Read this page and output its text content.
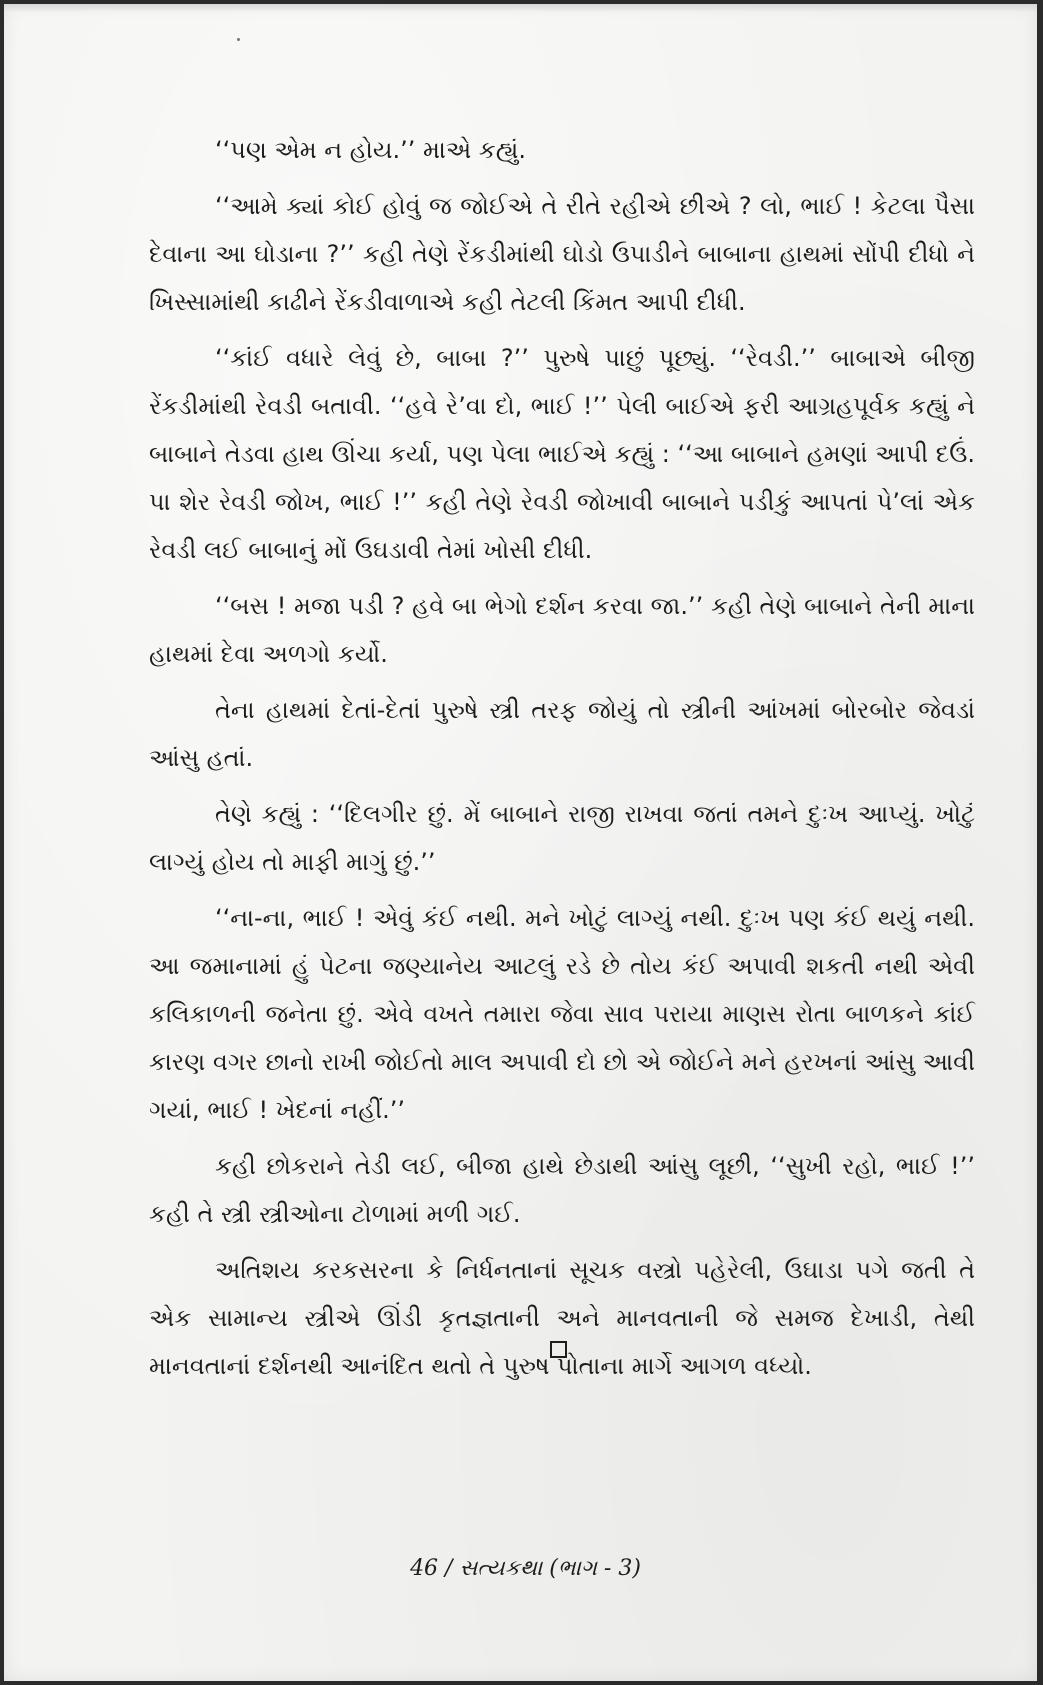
‘‘પણ એમ ન હોય.’’ માએ કહ્યું.

‘‘આમે ક્યાં કોઈ હોવું જ જોઈએ તે રીતે રહીએ છીએ ? લો, ભાઈ ! કેટલા પૈસા દેવાના આ ઘોડાના ?’’ કહી તેણે રેંકડીમાંથી ઘોડો ઉપાડીને બાબાના હાથમાં સોંપી દીધો ને ખિસ્સામાંથી કાઢીને રેંકડીવાળાએ કહી તેટલી કિંમત આપી દીધી.

‘‘કાંઈ વધારે લેવું છે, બાબા ?’’ પુરુષે પાછું પૂછ્યું. ‘‘રેવડી.’’ બાબાએ બીજી રેંકડીમાંથી રેવડી બતાવી. ‘‘હવે રે’વા દો, ભાઈ !’’ પેલી બાઈએ ફરી આગ્રહપૂર્વક કહ્યું ને બાબાને તેડવા હાથ ઊંચા કર્યા, પણ પેલા ભાઈએ કહ્યું : ‘‘આ બાબાને હમણાં આપી દઉં. પા શેર રેવડી જોખ, ભાઈ !’’ કહી તેણે રેવડી જોખાવી બાબાને પડીકું આપતાં પે’લાં એક રેવડી લઈ બાબાનું મોં ઉઘડાવી તેમાં ખોસી દીધી.

‘‘બસ ! મજા પડી ? હવે બા ભેગો દર્શન કરવા જા.’’ કહી તેણે બાબાને તેની માના હાથમાં દેવા અળગો કર્યો.

તેના હાથમાં દેતાં-દેતાં પુરુષે સ્ત્રી તરફ જોયું તો સ્ત્રીની આંખમાં બોરબોર જેવડાં આંસુ હતાં.

તેણે કહ્યું : ‘‘દિલગીર છું. મેં બાબાને રાજી રાખવા જતાં તમને દુઃખ આપ્યું. ખોટું લાગ્યું હોય તો માફી માગું છું.’’

‘‘ના-ના, ભાઈ ! એવું કંઈ નથી. મને ખોટું લાગ્યું નથી. દુઃખ પણ કંઈ થયું નથી. આ જમાનામાં હું પેટના જણ્યાનેય આટલું રડે છે તોય કંઈ અપાવી શકતી નથી એવી કલિકાળની જનેતા છું. એવે વખતે તમારા જેવા સાવ પરાયા માણસ રોતા બાળકને કાંઈ કારણ વગર છાનો રાખી જોઈતો માલ અપાવી દો છો એ જોઈને મને હરખનાં આંસુ આવી ગયાં, ભાઈ ! ખેદનાં નહીં.’’

કહી છોકરાને તેડી લઈ, બીજા હાથે છેડાથી આંસુ લૂછી, ‘‘સુખી રહો, ભાઈ !’’ કહી તે સ્ત્રી સ્ત્રીઓના ટોળામાં મળી ગઈ.

અતિશય કરકસરના કે નિર્ધનતાનાં સૂચક વસ્ત્રો પહેરેલી, ઉઘાડા પગે જતી તે એક સામાન્ય સ્ત્રીએ ઊંડી કૃતજ્ઞતાની અને માનવતાની જે સમજ દેખાડી, તેથી માનવતાનાં દર્શનથી આનંદિત થતો તે પુરુષ પોતાના માર્ગે આગળ વધ્યો.

46 / સત્યકથા (ભાગ - 3)
